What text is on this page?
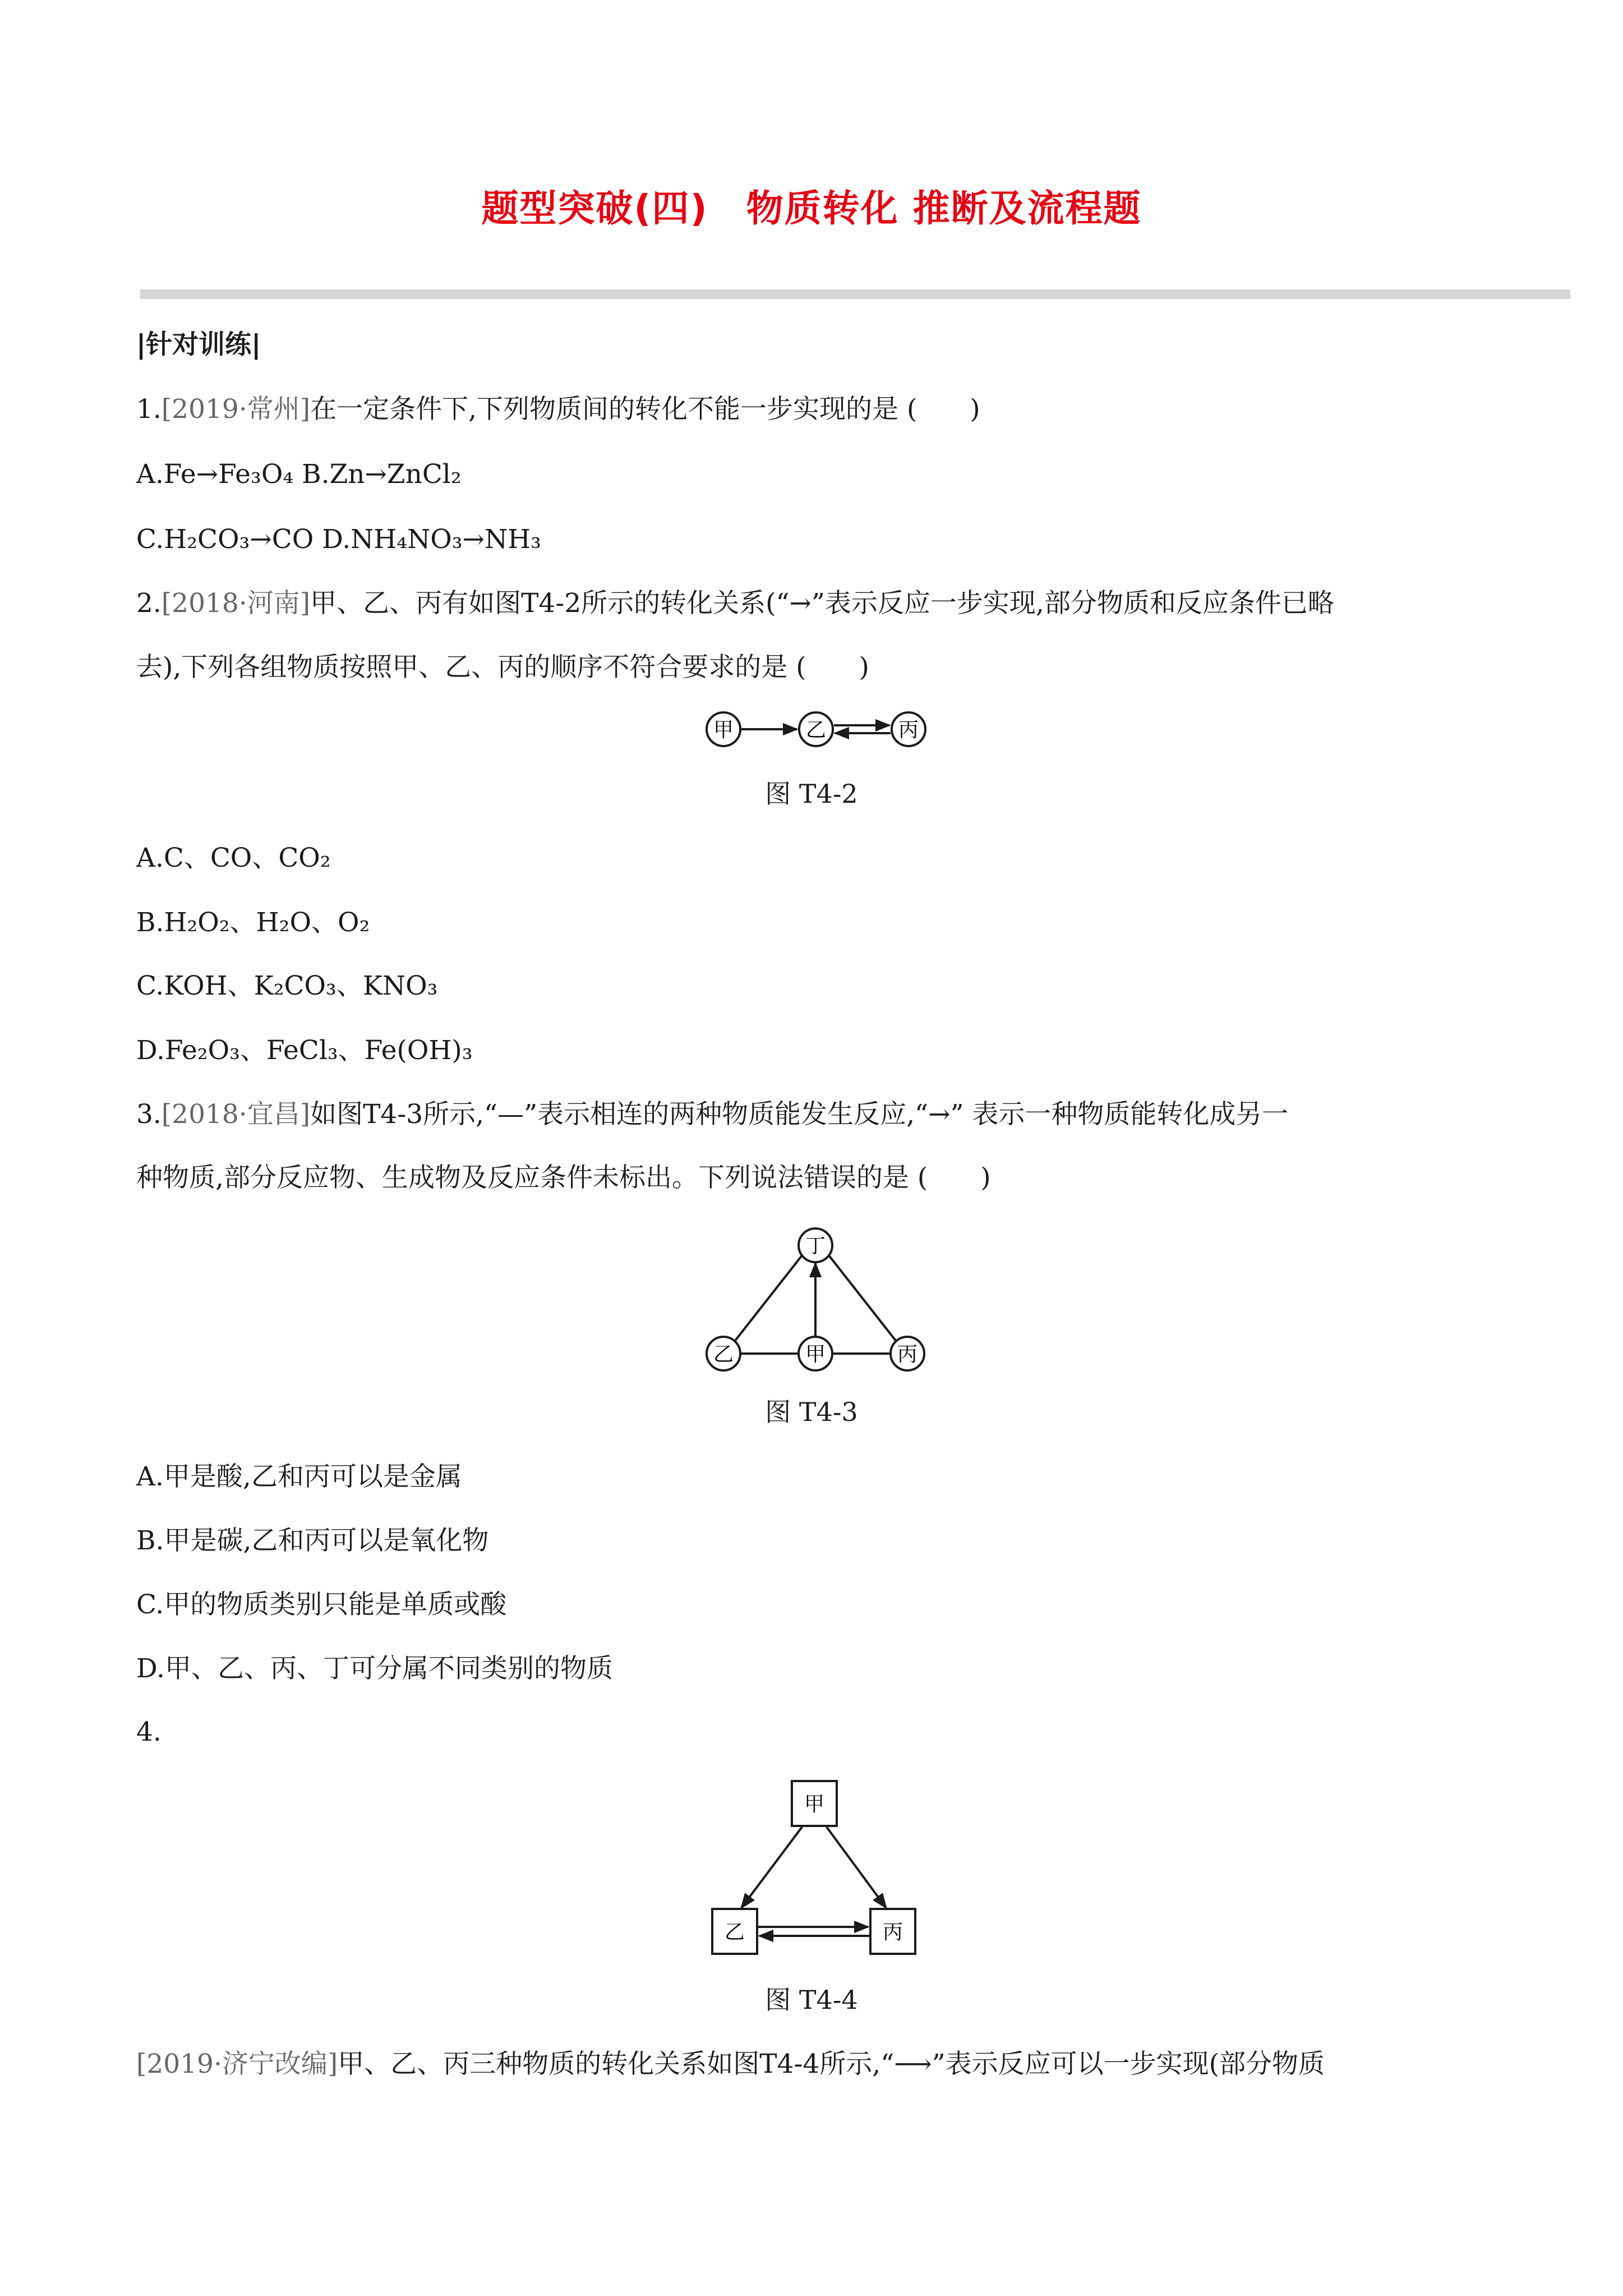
题型突破(四)　物质转化 推断及流程题
|针对训练|
1.[2019·常州]在一定条件下,下列物质间的转化不能一步实现的是 (　　)
A.Fe→Fe₃O₄ B.Zn→ZnCl₂
C.H₂CO₃→CO D.NH₄NO₃→NH₃
2.[2018·河南]甲、乙、丙有如图T4-2所示的转化关系(“→”表示反应一步实现,部分物质和反应条件已略
去),下列各组物质按照甲、乙、丙的顺序不符合要求的是 (　　)
甲	乙	丙
图 T4-2
A.C、CO、CO₂
B.H₂O₂、H₂O、O₂
C.KOH、K₂CO₃、KNO₃
D.Fe₂O₃、FeCl₃、Fe(OH)₃
3.[2018·宜昌]如图T4-3所示,“—”表示相连的两种物质能发生反应,“→” 表示一种物质能转化成另一
种物质,部分反应物、生成物及反应条件未标出。下列说法错误的是 (　　)
丁
乙	甲	丙
图 T4-3
A.甲是酸,乙和丙可以是金属
B.甲是碳,乙和丙可以是氧化物
C.甲的物质类别只能是单质或酸
D.甲、乙、丙、丁可分属不同类别的物质
4.
甲
乙	丙
图 T4-4
[2019·济宁改编]甲、乙、丙三种物质的转化关系如图T4-4所示,“⟶”表示反应可以一步实现(部分物质
